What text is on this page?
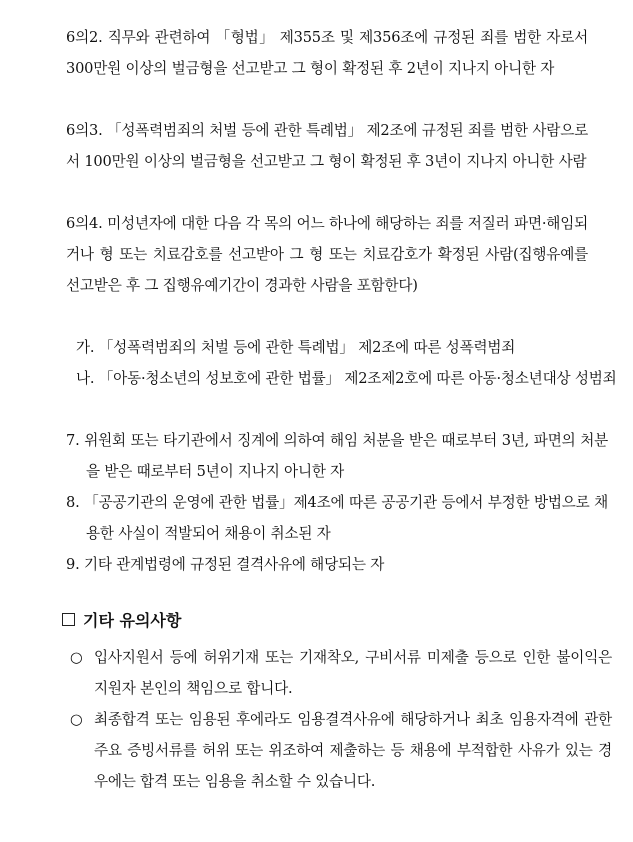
6의2. 직무와 관련하여 「형법」 제355조 및 제356조에 규정된 죄를 범한 자로서 300만원 이상의 벌금형을 선고받고 그 형이 확정된 후 2년이 지나지 아니한 자
6의3. 「성폭력범죄의 처벌 등에 관한 특례법」 제2조에 규정된 죄를 범한 사람으로서 100만원 이상의 벌금형을 선고받고 그 형이 확정된 후 3년이 지나지 아니한 사람
6의4. 미성년자에 대한 다음 각 목의 어느 하나에 해당하는 죄를 저질러 파면·해임되거나 형 또는 치료감호를 선고받아 그 형 또는 치료감호가 확정된 사람(집행유예를 선고받은 후 그 집행유예기간이 경과한 사람을 포함한다)
가. 「성폭력범죄의 처벌 등에 관한 특례법」 제2조에 따른 성폭력범죄
나. 「아동·청소년의 성보호에 관한 법률」 제2조제2호에 따른 아동·청소년대상 성범죄
7. 위원회 또는 타기관에서 징계에 의하여 해임 처분을 받은 때로부터 3년, 파면의 처분을 받은 때로부터 5년이 지나지 아니한 자
8. 「공공기관의 운영에 관한 법률」제4조에 따른 공공기관 등에서 부정한 방법으로 채용한 사실이 적발되어 채용이 취소된 자
9. 기타 관계법령에 규정된 결격사유에 해당되는 자
기타 유의사항
○ 입사지원서 등에 허위기재 또는 기재착오, 구비서류 미제출 등으로 인한 불이익은 지원자 본인의 책임으로 합니다.
○ 최종합격 또는 임용된 후에라도 임용결격사유에 해당하거나 최초 임용자격에 관한 주요 증빙서류를 허위 또는 위조하여 제출하는 등 채용에 부적합한 사유가 있는 경우에는 합격 또는 임용을 취소할 수 있습니다.
